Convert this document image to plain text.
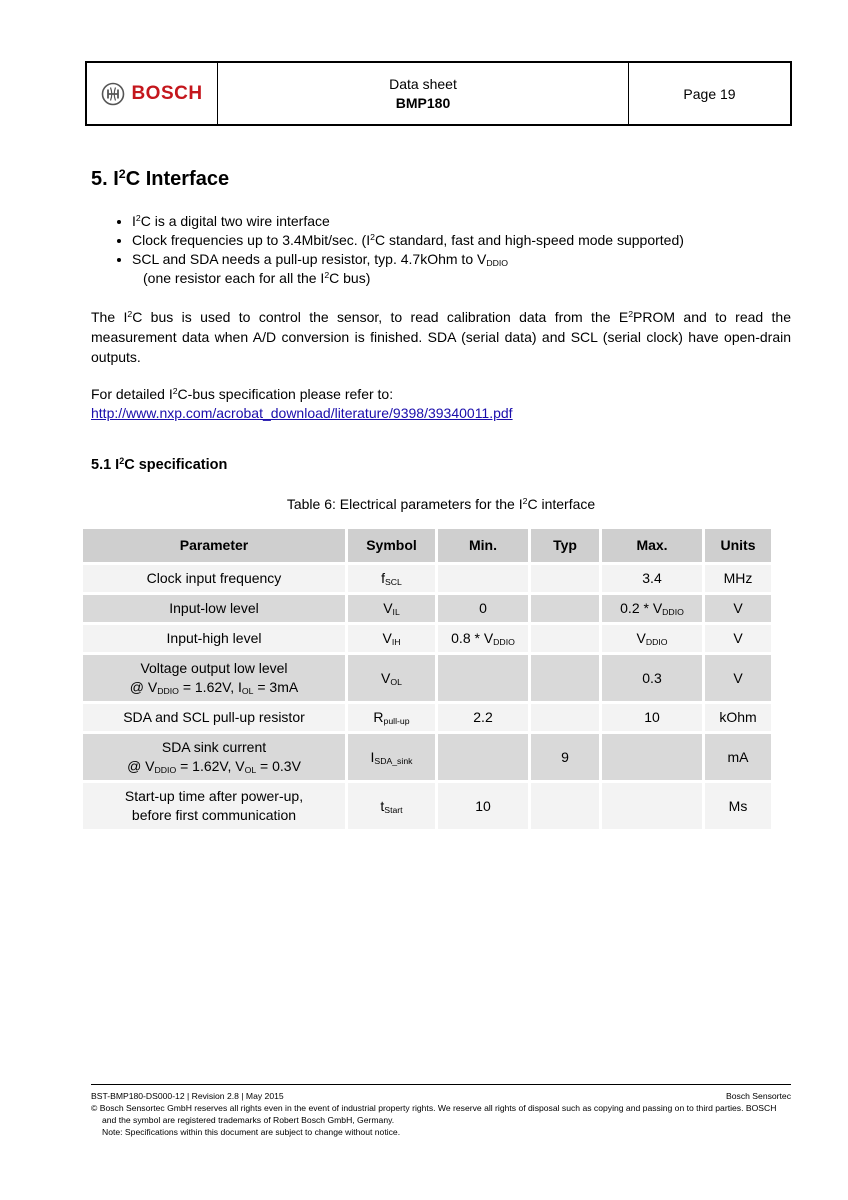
BOSCH	Data sheet
BMP180
Page 19
5. $I^2C$ Interface
• $I^2C$ is a digital two wire interface
• Clock frequencies up to 3.4Mbit/sec. ($I^2C$ standard, fast and high-speed mode supported)
• SCL and SDA needs a pull-up resistor, typ. 4.7kOhm to $V_{DDIO}$
(one resistor each for all the $I^2C$ bus)

The $I^2C$ bus is used to control the sensor, to read calibration data from the $E^2PROM$ and to read the measurement data when A/D conversion is finished. SDA (serial data) and SCL (serial clock) have open-drain outputs.

For detailed $I^2C$-bus specification please refer to:
http://www.nxp.com/acrobat_download/literature/9398/39340011.pdf

5.1 $I^2C$ specification
Table 6: Electrical parameters for the $I^2C$ interface
Parameter	Symbol	Min.	Typ	Max.	Units

Clock input frequency	$f_{SCL}$			3.4	MHz

Input-low level	$V_{IL}$	0		$0.2 * V_{DDIO}$	V

Input-high level	$V_{IH}$	$0.8 * V_{DDIO}$		$V_{DDIO}$	V

Voltage output low level
@ $V_{DDIO} = 1.62V$, $I_{OL} = 3mA$	$V_{OL}$			0.3	V

SDA and SCL pull-up resistor	$R_{pull-up}$	2.2		10	kOhm

SDA sink current
@ $V_{DDIO} = 1.62V$, $V_{OL} = 0.3V$	$I_{SDA\_sink}$		9		mA

Start-up time after power-up,
before first communication	$t_{Start}$	10			Ms
BST-BMP180-DS000-12 | Revision 2.8 | May 2015	Bosch Sensortec
© Bosch Sensortec GmbH reserves all rights even in the event of industrial property rights. We reserve all rights of disposal such as copying and passing on to third parties. BOSCH and the symbol are registered trademarks of Robert Bosch GmbH, Germany.
Note: Specifications within this document are subject to change without notice.
